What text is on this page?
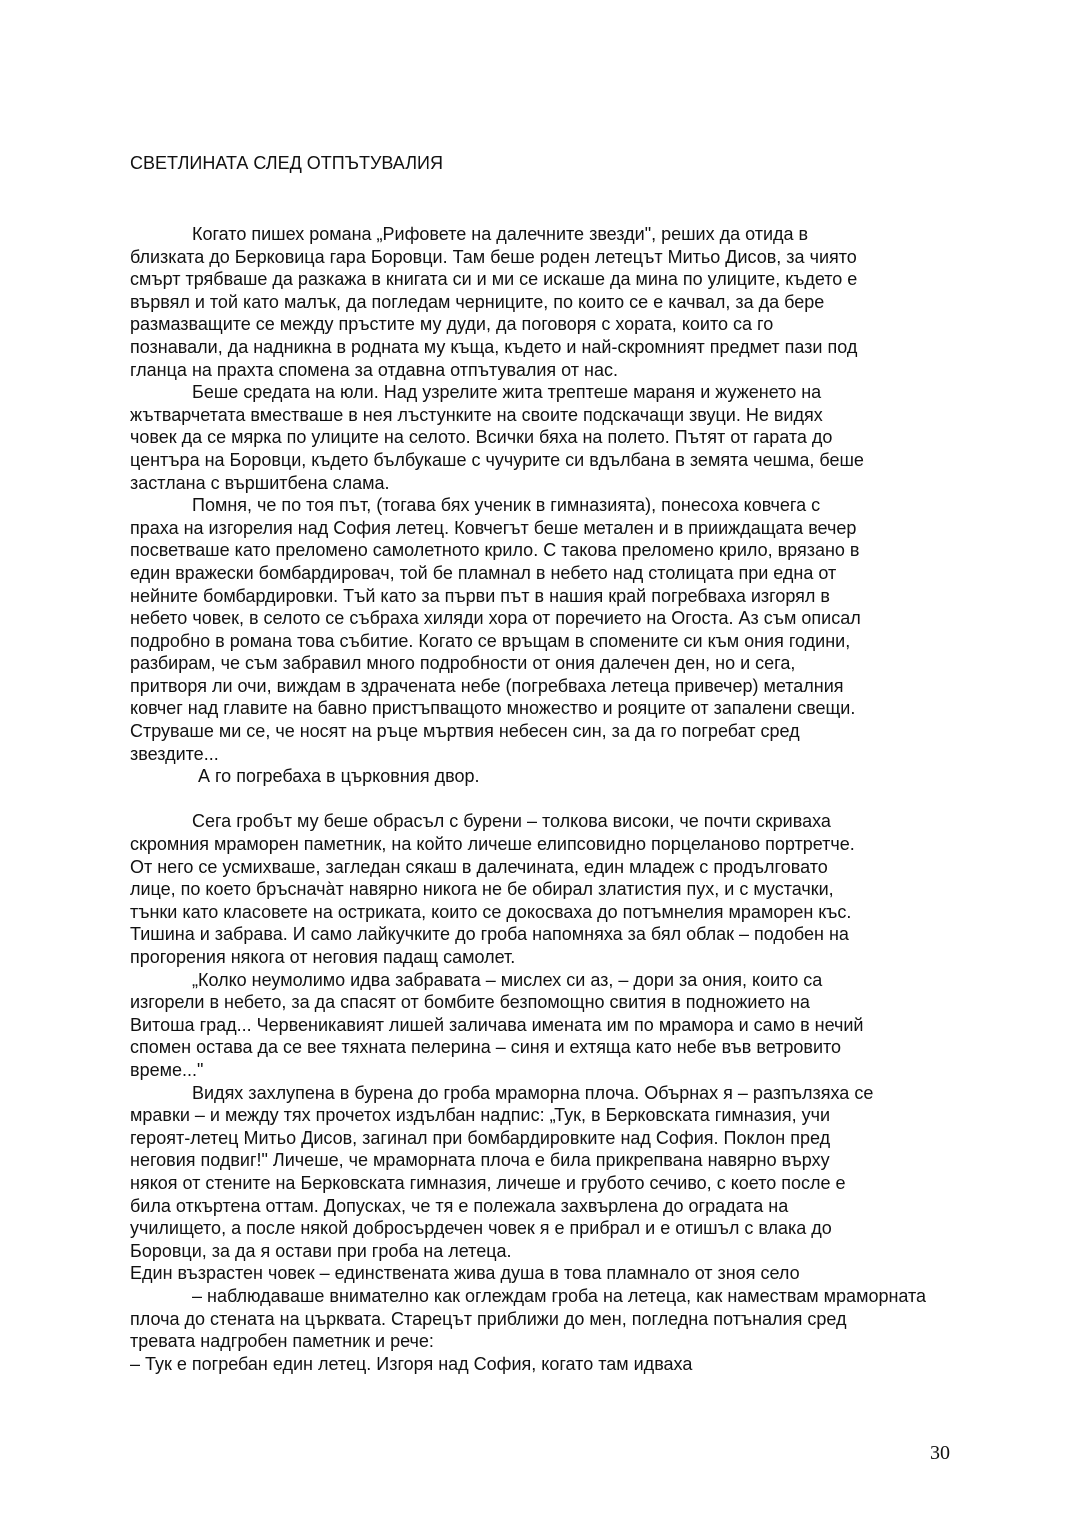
СВЕТЛИНАТА СЛЕД ОТПЪТУВАЛИЯ

Когато пишех романа „Рифовете на далечните звезди", реших да отида в

близката до Берковица гара Боровци. Там беше роден летецът Митьо Дисов, за чиято

смърт трябваше да разкажа в книгата си и ми се искаше да мина по улиците, където е

вървял и той като малък, да погледам черниците, по които се е качвал, за да бере

размазващите се между пръстите му дуди, да поговоря с хората, които са го

познавали, да надникна в родната му къща, където и най-скромният предмет пази под

гланца на прахта спомена за отдавна отпътувалия от нас.

Беше средата на юли. Над узрелите жита трептеше мараня и жуженето на

жътварчетата вместваше в нея лъстунките на своите подскачащи звуци. Не видях

човек да се мярка по улиците на селото. Всички бяха на полето. Пътят от гарата до

центъра на Боровци, където бълбукаше с чучурите си вдълбана в земята чешма, беше

застлана с вършитбена слама.

Помня, че по тоя път, (тогава бях ученик в гимназията), понесоха ковчега с

праха на изгорелия над София летец. Ковчегът беше метален и в прииждащата вечер

посветваше като преломено самолетното крило. С такова преломено крило, врязано в

един вражески бомбардировач, той бе пламнал в небето над столицата при една от

нейните бомбардировки. Тъй като за първи път в нашия край погребваха изгорял в

небето човек, в селото се събраха хиляди хора от поречието на Огоста. Аз съм описал

подробно в романа това събитие. Когато се връщам в спомените си към ония години,

разбирам, че съм забравил много подробности от ония далечен ден, но и сега,

притворя ли очи, виждам в здрачената небе (погребваха летеца привечер) металния

ковчег над главите на бавно пристъпващото множество и рояците от запалени свещи.

Струваше ми се, че носят на ръце мъртвия небесен син, за да го погребат сред

звездите...

А го погребаха в църковния двор.

Сега гробът му беше обрасъл с бурени – толкова високи, че почти скриваха

скромния мраморен паметник, на който личеше елипсовидно порцеланово портретче.

От него се усмихваше, загледан сякаш в далечината, един младеж с продълговато

лице, по което бръснача̀т навярно никога не бе обирал златистия пух, и с мустачки,

тънки като класовете на остриката, които се докосваха до потъмнелия мраморен къс.

Тишина и забрава. И само лайкучките до гроба напомняха за бял облак – подобен на

прогорения някога от неговия падащ самолет.

„Колко неумолимо идва забравата – мислех си аз, – дори за ония, които са

изгорели в небето, за да спасят от бомбите безпомощно свития в подножието на

Витоша град... Червеникавият лишей заличава имената им по мрамора и само в нечий

спомен остава да се вее тяхната пелерина – синя и ехтяща като небе във ветровито

време..."

Видях захлупена в бурена до гроба мраморна плоча. Обърнах я – разпълзяха се

мравки – и между тях прочетох издълбан надпис: „Тук, в Берковската гимназия, учи

героят-летец Митьо Дисов, загинал при бомбардировките над София. Поклон пред

неговия подвиг!" Личеше, че мраморната плоча е била прикрепвана навярно върху

някоя от стените на Берковската гимназия, личеше и грубото сечиво, с което после е

била откъртена оттам. Допусках, че тя е полежала захвърлена до оградата на

училището, а после някой добросърдечен човек я е прибрал и е отишъл с влака до

Боровци, за да я остави при гроба на летеца.

Един възрастен човек – единствената жива душа в това пламнало от зноя село

– наблюдаваше внимателно как оглеждам гроба на летеца, как намествам мраморната

плоча до стената на църквата. Старецът приближи до мен, погледна потъналия сред

тревата надгробен паметник и рече:

– Тук е погребан един летец. Изгоря над София, когато там идваха

30
